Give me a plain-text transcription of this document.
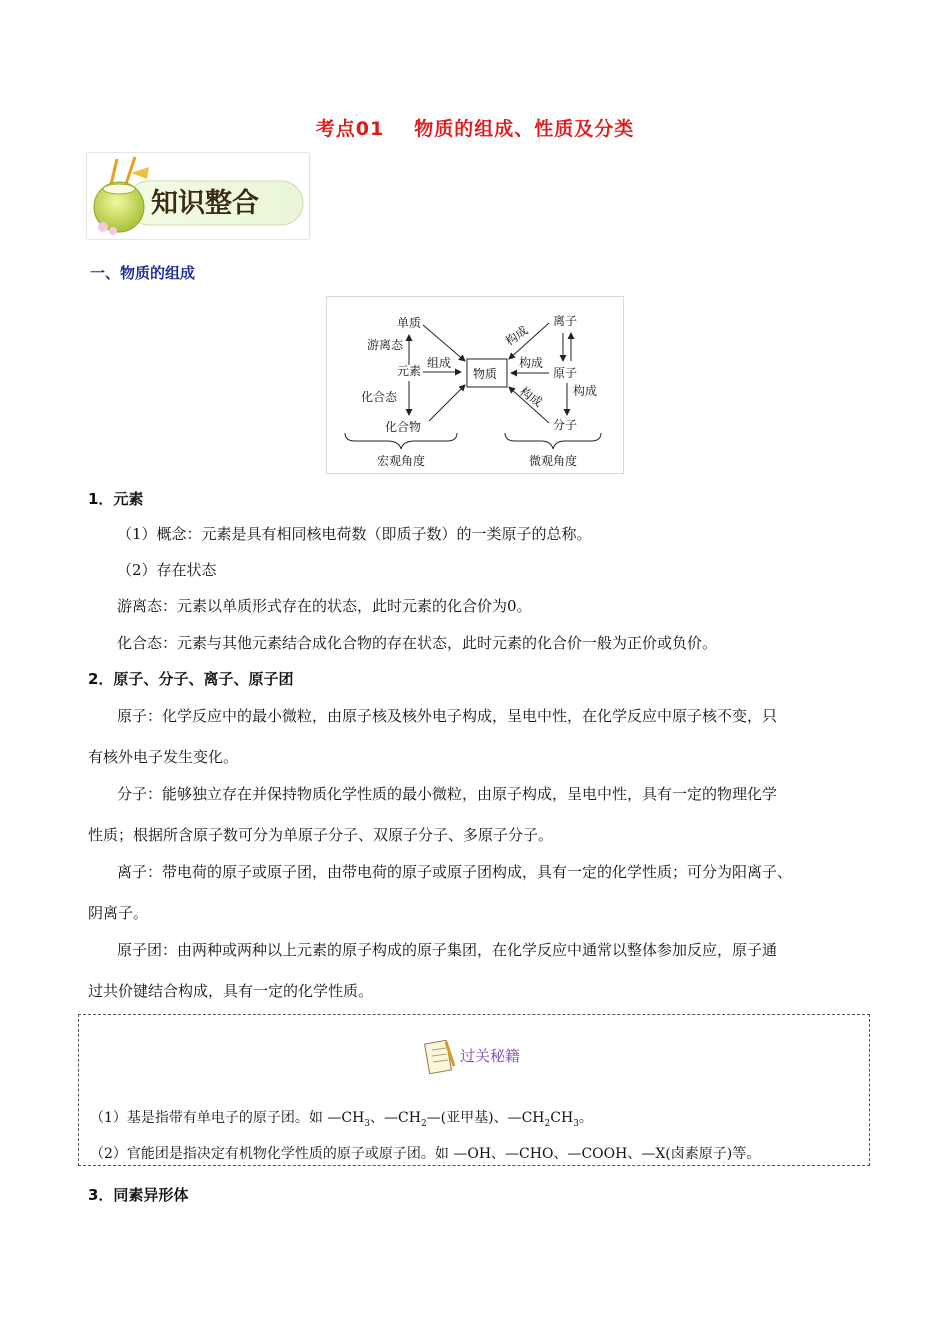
考点01 物质的组成、性质及分类
知识整合
一、物质的组成
单质
游离态
元素
组成
化合态
化合物
物质
离子
构成
构成
原子
构成
构成
分子
宏观角度	微观角度
1．元素
（1）概念：元素是具有相同核电荷数（即质子数）的一类原子的总称。
（2）存在状态
游离态：元素以单质形式存在的状态，此时元素的化合价为0。
化合态：元素与其他元素结合成化合物的存在状态，此时元素的化合价一般为正价或负价。
2．原子、分子、离子、原子团
原子：化学反应中的最小微粒，由原子核及核外电子构成，呈电中性，在化学反应中原子核不变，只
有核外电子发生变化。
分子：能够独立存在并保持物质化学性质的最小微粒，由原子构成，呈电中性，具有一定的物理化学
性质；根据所含原子数可分为单原子分子、双原子分子、多原子分子。
离子：带电荷的原子或原子团，由带电荷的原子或原子团构成，具有一定的化学性质；可分为阳离子、
阴离子。
原子团：由两种或两种以上元素的原子构成的原子集团，在化学反应中通常以整体参加反应，原子通
过共价键结合构成，具有一定的化学性质。
过关秘籍
（1）基是指带有单电子的原子团。如 $—CH_3$、$—CH_2—$(亚甲基)、$—CH_2CH_3$。
（2）官能团是指决定有机物化学性质的原子或原子团。如 —OH、—CHO、—COOH、—X(卤素原子)等。
3．同素异形体
